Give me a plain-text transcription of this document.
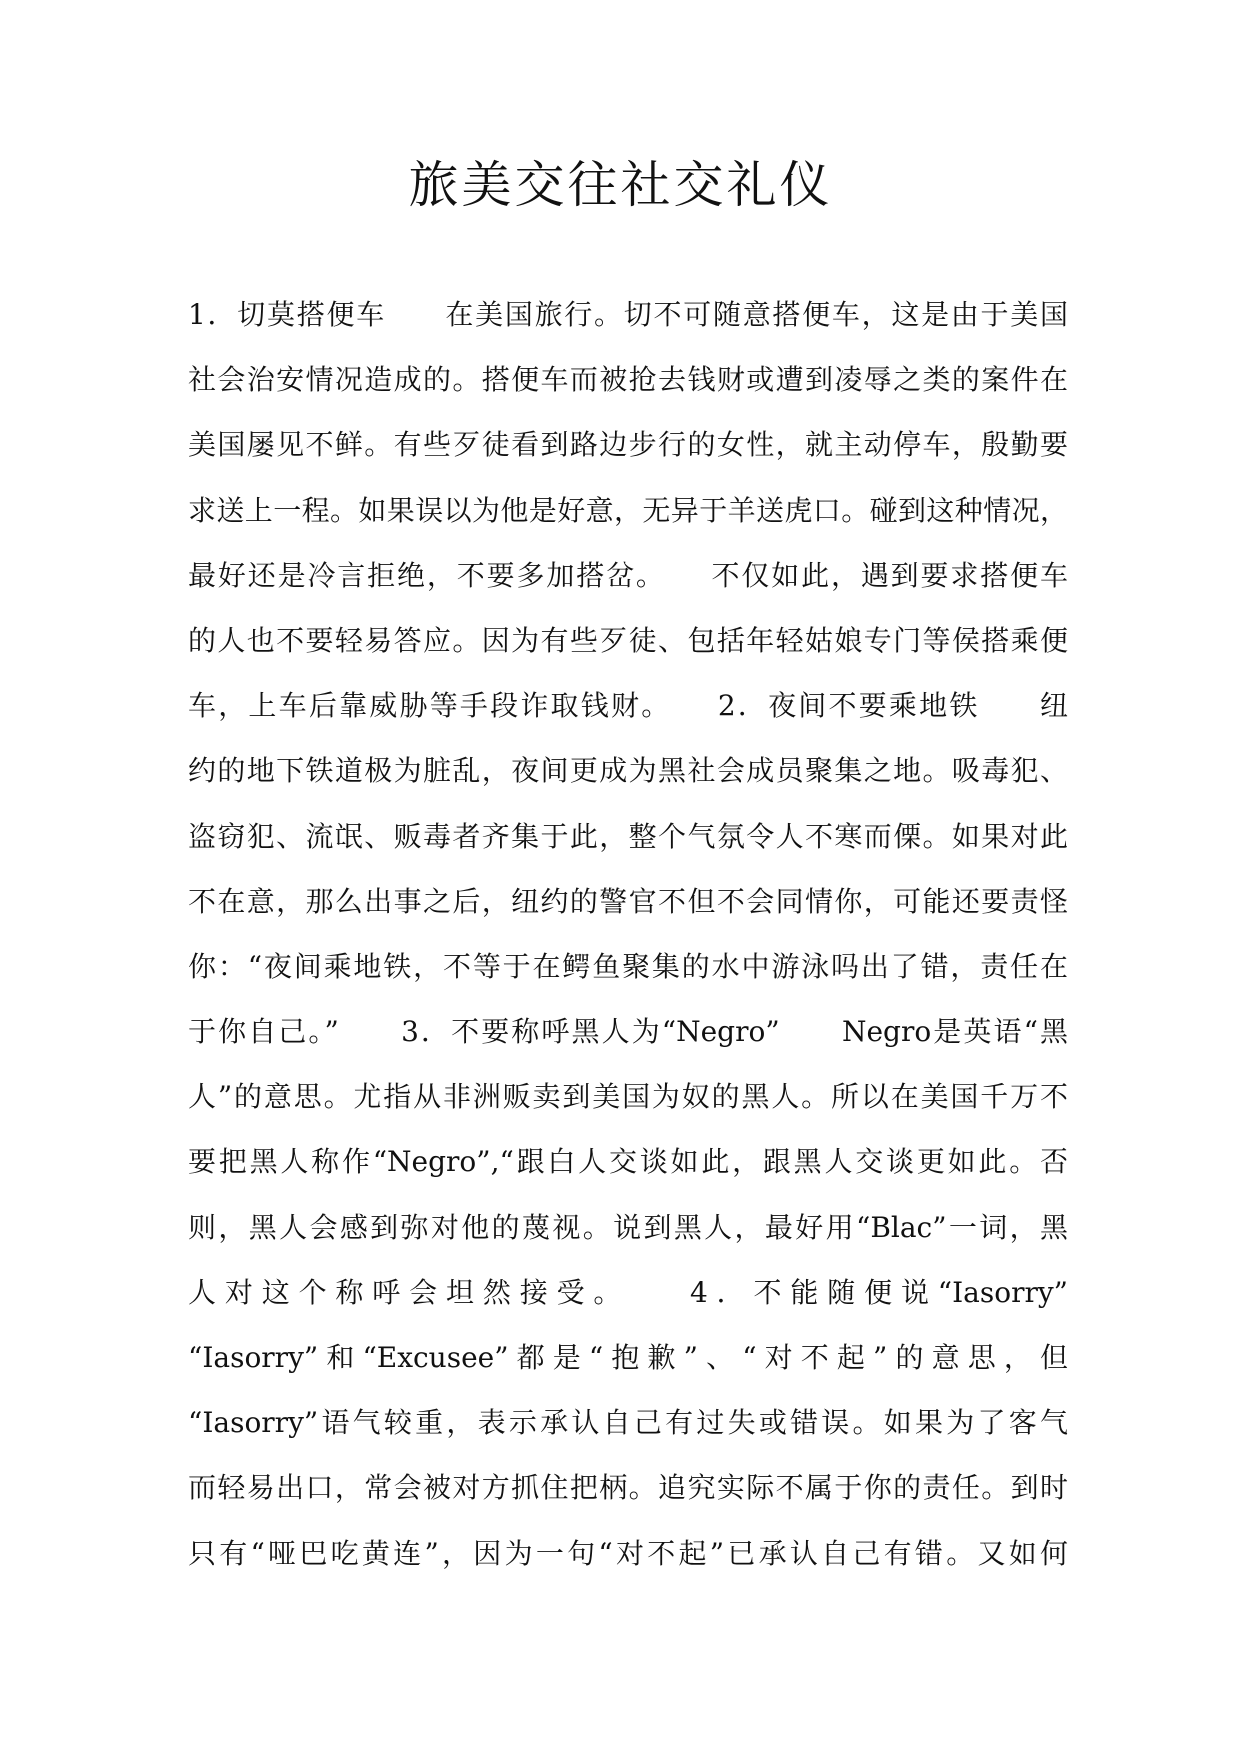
旅美交往社交礼仪
1．切莫搭便车　　在美国旅行。切不可随意搭便车，这是由于美国
社会治安情况造成的。搭便车而被抢去钱财或遭到凌辱之类的案件在
美国屡见不鲜。有些歹徒看到路边步行的女性，就主动停车，殷勤要
求送上一程。如果误以为他是好意，无异于羊送虎口。碰到这种情况，
最好还是冷言拒绝，不要多加搭岔。　　不仅如此，遇到要求搭便车
的人也不要轻易答应。因为有些歹徒、包括年轻姑娘专门等侯搭乘便
车，上车后靠威胁等手段诈取钱财。　　2．夜间不要乘地铁　　纽
约的地下铁道极为脏乱，夜间更成为黑社会成员聚集之地。吸毒犯、
盗窃犯、流氓、贩毒者齐集于此，整个气氛令人不寒而傈。如果对此
不在意，那么出事之后，纽约的警官不但不会同情你，可能还要责怪
你：“夜间乘地铁，不等于在鳄鱼聚集的水中游泳吗出了错，责任在
于你自己。”　　3．不要称呼黑人为“Negro”　　Negro是英语“黑
人”的意思。尤指从非洲贩卖到美国为奴的黑人。所以在美国千万不
要把黑人称作“Negro”,“跟白人交谈如此，跟黑人交谈更如此。否
则，黑人会感到弥对他的蔑视。说到黑人，最好用“Blac”一词，黑
人对这个称呼会坦然接受。　　4．不能随便说“Iasorry”
“Iasorry”和“Excusee”都是“抱歉”、“对不起”的意思，但
“Iasorry”语气较重，表示承认自己有过失或错误。如果为了客气
而轻易出口，常会被对方抓住把柄。追究实际不属于你的责任。到时
只有“哑巴吃黄连”，因为一句“对不起”已承认自己有错。又如何
